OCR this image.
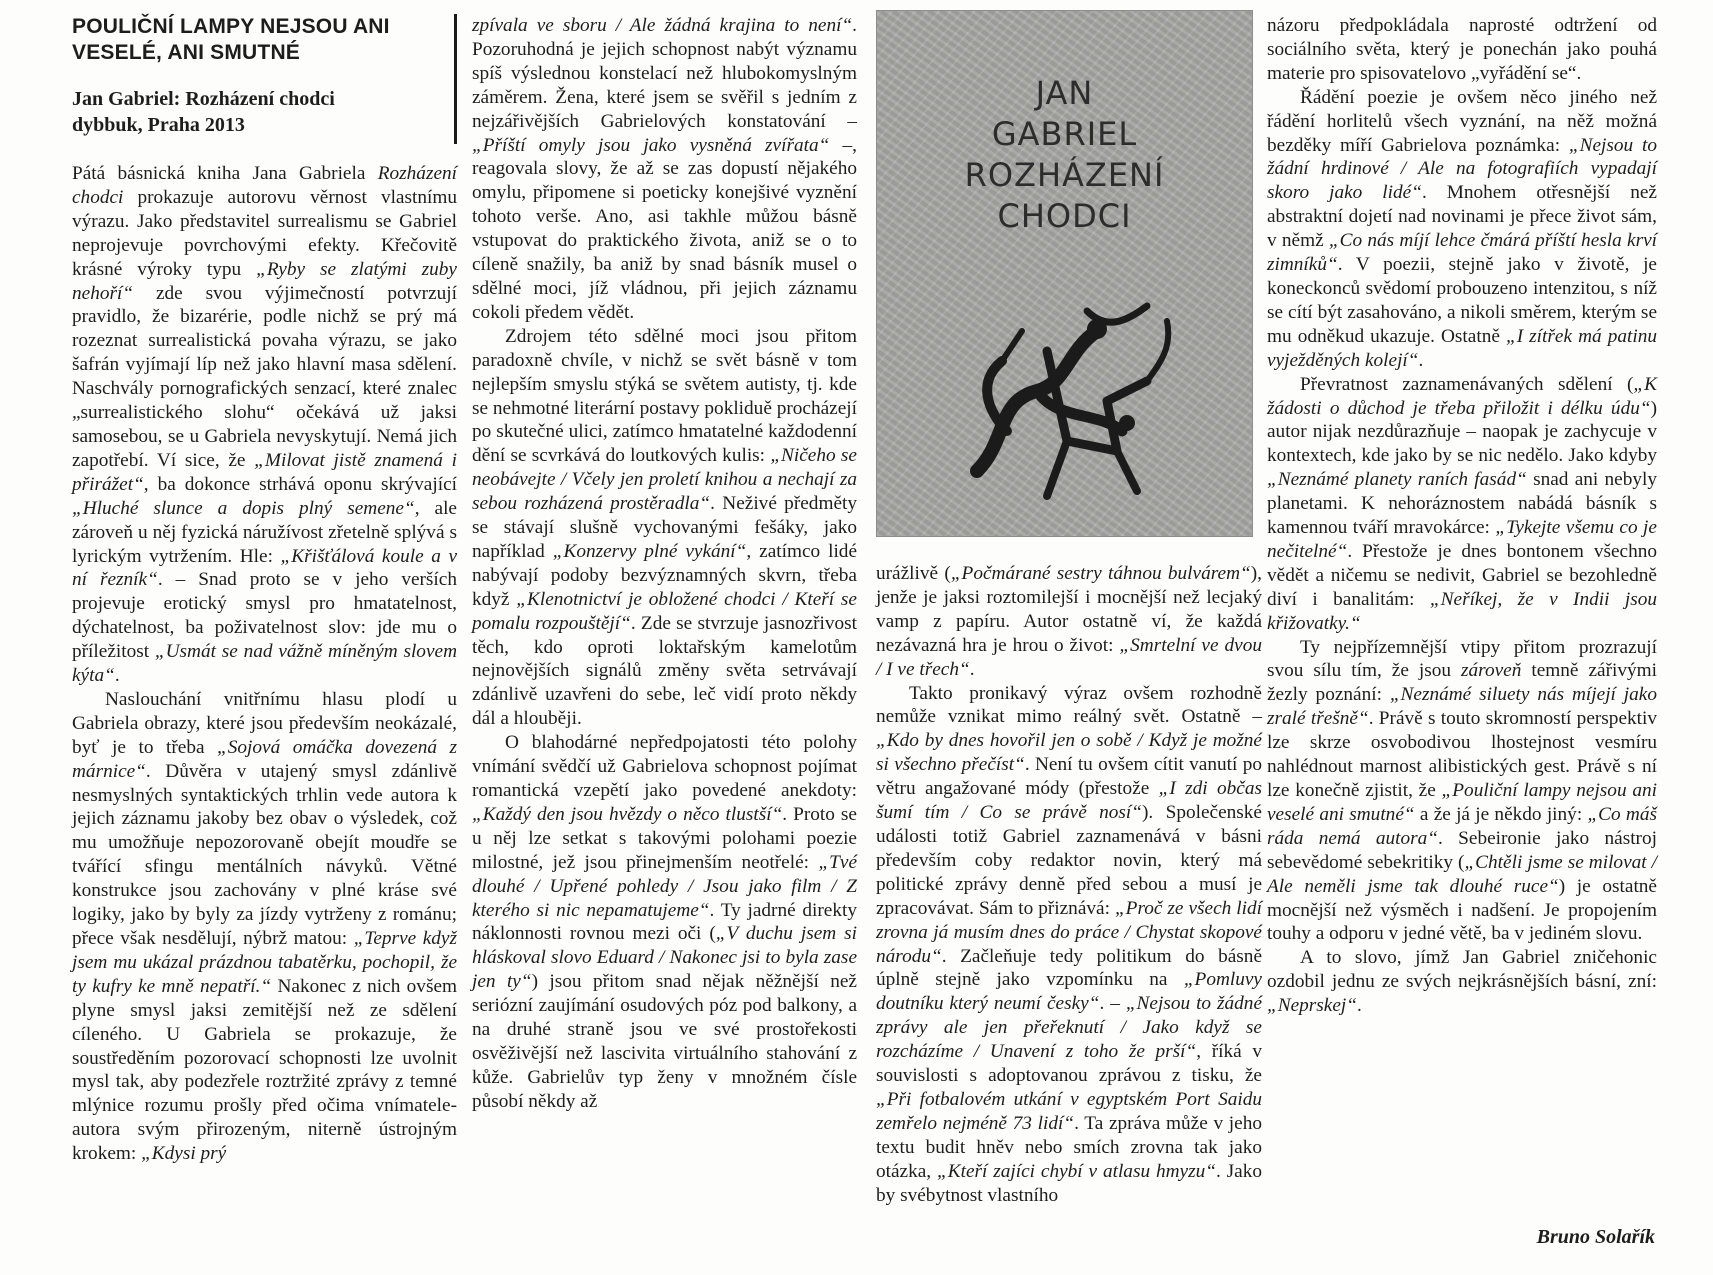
POULIČNÍ LAMPY NEJSOU ANI
VESELÉ, ANI SMUTNÉ
Jan Gabriel: Rozházení chodci
dybbuk, Praha 2013

Pátá básnická kniha Jana Gabriela Rozházení chodci prokazuje autorovu věrnost vlastnímu výrazu. Jako představitel surrealismu se Gabriel neprojevuje povrchovými efekty. Křečovitě krásné výroky typu „Ryby se zlatými zuby nehoří“ zde svou výjimečností potvrzují pravidlo, že bizarérie, podle nichž se prý má rozeznat surrealistická povaha výrazu, se jako šafrán vyjímají líp než jako hlavní masa sdělení. Naschvály pornografických senzací, které znalec „surrealistického slohu“ očekává už jaksi samosebou, se u Gabriela nevyskytují. Nemá jich zapotřebí. Ví sice, že „Milovat jistě znamená i přirážet“, ba dokonce strhává oponu skrývající „Hluché slunce a dopis plný semene“, ale zároveň u něj fyzická náružívost zřetelně splývá s lyrickým vytržením. Hle: „Křišťálová koule a v ní řezník“. – Snad proto se v jeho verších projevuje erotický smysl pro hmatatelnost, dýchatelnost, ba poživatelnost slov: jde mu o příležitost „Usmát se nad vážně míněným slovem kýta“.

Naslouchání vnitřnímu hlasu plodí u Gabriela obrazy, které jsou především neokázalé, byť je to třeba „Sojová omáčka dovezená z márnice“. Důvěra v utajený smysl zdánlivě nesmyslných syntaktických trhlin vede autora k jejich záznamu jakoby bez obav o výsledek, což mu umožňuje nepozorovaně obejít moudře se tvářící sfingu mentálních návyků. Větné konstrukce jsou zachovány v plné kráse své logiky, jako by byly za jízdy vytrženy z románu; přece však nesdělují, nýbrž matou: „Teprve když jsem mu ukázal prázdnou tabatěrku, pochopil, že ty kufry ke mně nepatří.“ Nakonec z nich ovšem plyne smysl jaksi zemitější než ze sdělení cíleného. U Gabriela se prokazuje, že soustředěním pozorovací schopnosti lze uvolnit mysl tak, aby podezřele roztržité zprávy z temné mlýnice rozumu prošly před očima vnímatele-autora svým přirozeným, niterně ústrojným krokem: „Kdysi prý

zpívala ve sboru / Ale žádná krajina to není“. Pozoruhodná je jejich schopnost nabýt významu spíš výslednou konstelací než hlubokomyslným záměrem. Žena, které jsem se svěřil s jedním z nejzářivějších Gabrielových konstatování – „Příští omyly jsou jako vysněná zvířata“ –, reagovala slovy, že až se zas dopustí nějakého omylu, připomene si poeticky konejšivé vyznění tohoto verše. Ano, asi takhle můžou básně vstupovat do praktického života, aniž se o to cíleně snažily, ba aniž by snad básník musel o sdělné moci, jíž vládnou, při jejich záznamu cokoli předem vědět.

Zdrojem této sdělné moci jsou přitom paradoxně chvíle, v nichž se svět básně v tom nejlepším smyslu stýká se světem autisty, tj. kde se nehmotné literární postavy pokliduě procházejí po skutečné ulici, zatímco hmatatelné každodenní dění se scvrkává do loutkových kulis: „Ničeho se neobávejte / Včely jen proletí knihou a nechají za sebou rozházená prostěradla“. Neživé předměty se stávají slušně vychovanými fešáky, jako například „Konzervy plné vykání“, zatímco lidé nabývají podoby bezvýznamných skvrn, třeba když „Klenotnictví je obložené chodci / Kteří se pomalu rozpouštějí“. Zde se stvrzuje jasnozřivost těch, kdo oproti loktařským kamelotům nejnovějších signálů změny světa setrvávají zdánlivě uzavřeni do sebe, leč vidí proto někdy dál a hlouběji.

O blahodárné nepředpojatosti této polohy vnímání svědčí už Gabrielova schopnost pojímat romantická vzepětí jako povedené anekdoty: „Každý den jsou hvězdy o něco tlustší“. Proto se u něj lze setkat s takovými polohami poezie milostné, jež jsou přinejmenším neotřelé: „Tvé dlouhé / Upřené pohledy / Jsou jako film / Z kterého si nic nepamatujeme“. Ty jadrné direkty náklonnosti rovnou mezi oči („V duchu jsem si hláskoval slovo Eduard / Nakonec jsi to byla zase jen ty“) jsou přitom snad nějak něžnější než seriózní zaujímání osudových póz pod balkony, a na druhé straně jsou ve své prostořekosti osvěživější než lascivita virtuálního stahování z kůže. Gabrielův typ ženy v množném čísle působí někdy až

JAN
GABRIEL
ROZHÁZENÍ
CHODCI

urážlivě („Počmárané sestry táhnou bulvárem“), jenže je jaksi roztomilejší i mocnější než lecjaký vamp z papíru. Autor ostatně ví, že každá nezávazná hra je hrou o život: „Smrtelní ve dvou / I ve třech“.

Takto pronikavý výraz ovšem rozhodně nemůže vznikat mimo reálný svět. Ostatně – „Kdo by dnes hovořil jen o sobě / Když je možné si všechno přečíst“. Není tu ovšem cítit vanutí po větru angažované módy (přestože „I zdi občas šumí tím / Co se právě nosí“). Společenské události totiž Gabriel zaznamenává v básni především coby redaktor novin, který má politické zprávy denně před sebou a musí je zpracovávat. Sám to přiznává: „Proč ze všech lidí zrovna já musím dnes do práce / Chystat skopové národu“. Začleňuje tedy politikum do básně úplně stejně jako vzpomínku na „Pomluvy doutníku který neumí česky“. – „Nejsou to žádné zprávy ale jen přeřeknutí / Jako když se rozcházíme / Unavení z toho že prší“, říká v souvislosti s adoptovanou zprávou z tisku, že „Při fotbalovém utkání v egyptském Port Saidu zemřelo nejméně 73 lidí“. Ta zpráva může v jeho textu budit hněv nebo smích zrovna tak jako otázka, „Kteří zajíci chybí v atlasu hmyzu“. Jako by svébytnost vlastního

názoru předpokládala naprosté odtržení od sociálního světa, který je ponechán jako pouhá materie pro spisovatelovo „vyřádění se“.

Řádění poezie je ovšem něco jiného než řádění horlitelů všech vyznání, na něž možná bezděky míří Gabrielova poznámka: „Nejsou to žádní hrdinové / Ale na fotografiích vypadají skoro jako lidé“. Mnohem otřesnější než abstraktní dojetí nad novinami je přece život sám, v němž „Co nás míjí lehce čmárá příští hesla krví zimníků“. V poezii, stejně jako v životě, je koneckonců svědomí probouzeno intenzitou, s níž se cítí být zasahováno, a nikoli směrem, kterým se mu odněkud ukazuje. Ostatně „I zítřek má patinu vyježděných kolejí“.

Převratnost zaznamenávaných sdělení („K žádosti o důchod je třeba přiložit i délku údu“) autor nijak nezdůrazňuje – naopak je zachycuje v kontextech, kde jako by se nic nedělo. Jako kdyby „Neznámé planety raních fasád“ snad ani nebyly planetami. K nehoráznostem nabádá básník s kamennou tváří mravokárce: „Tykejte všemu co je nečitelné“. Přestože je dnes bontonem všechno vědět a ničemu se nedivit, Gabriel se bezohledně diví i banalitám: „Neříkej, že v Indii jsou křižovatky.“

Ty nejpřízemnější vtipy přitom prozrazují svou sílu tím, že jsou zároveň temně zářivými žezly poznání: „Neznámé siluety nás míjejí jako zralé třešně“. Právě s touto skromností perspektiv lze skrze osvobodivou lhostejnost vesmíru nahlédnout marnost alibistických gest. Právě s ní lze konečně zjistit, že „Pouliční lampy nejsou ani veselé ani smutné“ a že já je někdo jiný: „Co máš ráda nemá autora“. Sebeironie jako nástroj sebevědomé sebekritiky („Chtěli jsme se milovat / Ale neměli jsme tak dlouhé ruce“) je ostatně mocnější než výsměch i nadšení. Je propojením touhy a odporu v jedné větě, ba v jediném slovu.

A to slovo, jímž Jan Gabriel zničehonic ozdobil jednu ze svých nejkrásnějších básní, zní: „Neprskej“.

Bruno Solařík
